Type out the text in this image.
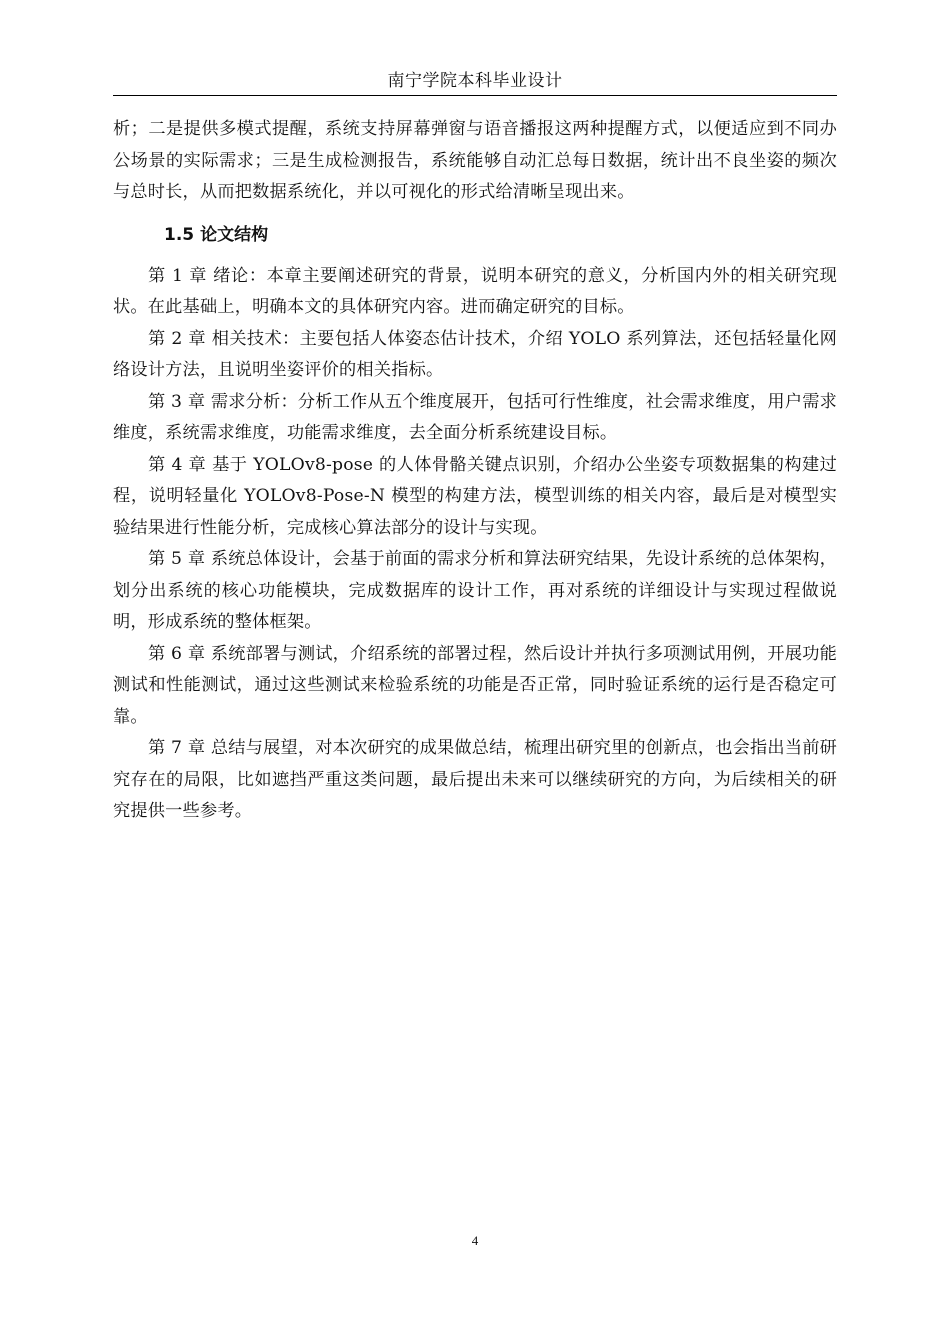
南宁学院本科毕业设计

析；二是提供多模式提醒，系统支持屏幕弹窗与语音播报这两种提醒方式，以便适应到不同办公场景的实际需求；三是生成检测报告，系统能够自动汇总每日数据，统计出不良坐姿的频次与总时长，从而把数据系统化，并以可视化的形式给清晰呈现出来。

1.5 论文结构

第 1 章 绪论：本章主要阐述研究的背景，说明本研究的意义，分析国内外的相关研究现状。在此基础上，明确本文的具体研究内容。进而确定研究的目标。

第 2 章 相关技术：主要包括人体姿态估计技术，介绍 YOLO 系列算法，还包括轻量化网络设计方法，且说明坐姿评价的相关指标。

第 3 章 需求分析：分析工作从五个维度展开，包括可行性维度，社会需求维度，用户需求维度，系统需求维度，功能需求维度，去全面分析系统建设目标。

第 4 章 基于 YOLOv8-pose 的人体骨骼关键点识别，介绍办公坐姿专项数据集的构建过程，说明轻量化 YOLOv8-Pose-N 模型的构建方法，模型训练的相关内容，最后是对模型实验结果进行性能分析，完成核心算法部分的设计与实现。

第 5 章 系统总体设计，会基于前面的需求分析和算法研究结果，先设计系统的总体架构，划分出系统的核心功能模块，完成数据库的设计工作，再对系统的详细设计与实现过程做说明，形成系统的整体框架。

第 6 章 系统部署与测试，介绍系统的部署过程，然后设计并执行多项测试用例，开展功能测试和性能测试，通过这些测试来检验系统的功能是否正常，同时验证系统的运行是否稳定可靠。

第 7 章 总结与展望，对本次研究的成果做总结，梳理出研究里的创新点，也会指出当前研究存在的局限，比如遮挡严重这类问题，最后提出未来可以继续研究的方向，为后续相关的研究提供一些参考。

4
